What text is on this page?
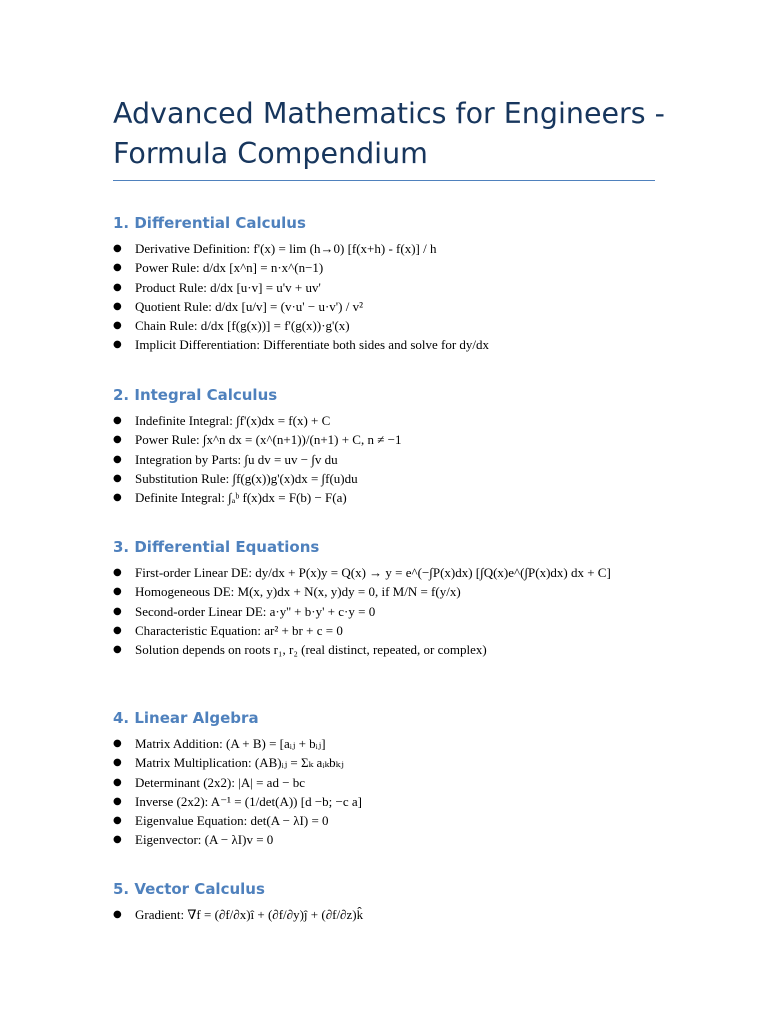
Advanced Mathematics for Engineers - Formula Compendium
1. Differential Calculus
● Derivative Definition: f'(x) = lim (h→0) [f(x+h) - f(x)] / h
● Power Rule: d/dx [x^n] = n·x^(n−1)
● Product Rule: d/dx [u·v] = u'v + uv'
● Quotient Rule: d/dx [u/v] = (v·u' − u·v') / v²
● Chain Rule: d/dx [f(g(x))] = f'(g(x))·g'(x)
● Implicit Differentiation: Differentiate both sides and solve for dy/dx
2. Integral Calculus
● Indefinite Integral: ∫f'(x)dx = f(x) + C
● Power Rule: ∫x^n dx = (x^(n+1))/(n+1) + C, n ≠ −1
● Integration by Parts: ∫u dv = uv − ∫v du
● Substitution Rule: ∫f(g(x))g'(x)dx = ∫f(u)du
● Definite Integral: ∫ₐᵇ f(x)dx = F(b) − F(a)
3. Differential Equations
● First-order Linear DE: dy/dx + P(x)y = Q(x) → y = e^(−∫P(x)dx) [∫Q(x)e^(∫P(x)dx) dx + C]
● Homogeneous DE: M(x, y)dx + N(x, y)dy = 0, if M/N = f(y/x)
● Second-order Linear DE: a·y'' + b·y' + c·y = 0
● Characteristic Equation: ar² + br + c = 0
● Solution depends on roots r₁, r₂ (real distinct, repeated, or complex)
4. Linear Algebra
● Matrix Addition: (A + B) = [aᵢⱼ + bᵢⱼ]
● Matrix Multiplication: (AB)ᵢⱼ = Σₖ aᵢₖbₖⱼ
● Determinant (2x2): |A| = ad − bc
● Inverse (2x2): A⁻¹ = (1/det(A)) [d −b; −c a]
● Eigenvalue Equation: det(A − λI) = 0
● Eigenvector: (A − λI)v = 0
5. Vector Calculus
● Gradient: ∇f = (∂f/∂x)î + (∂f/∂y)ĵ + (∂f/∂z)k̂
